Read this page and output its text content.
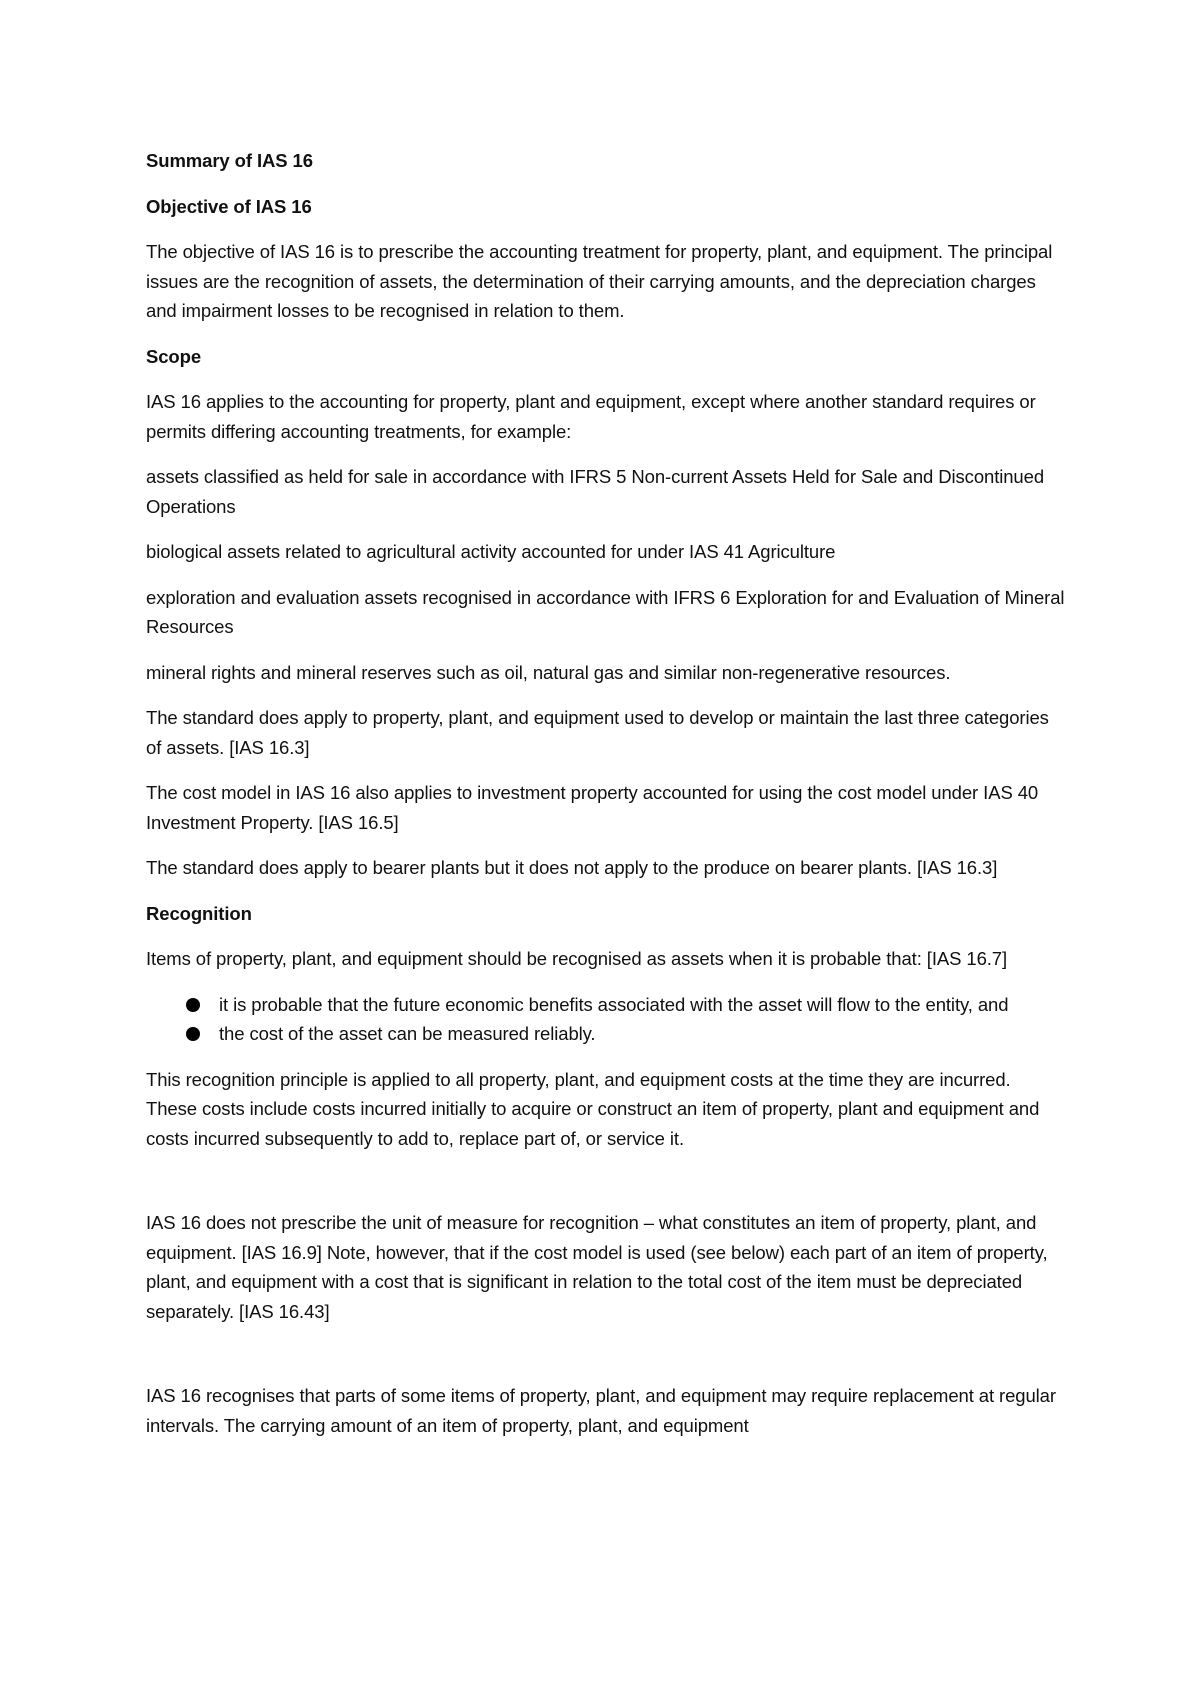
Summary of IAS 16
Objective of IAS 16

The objective of IAS 16 is to prescribe the accounting treatment for property, plant, and equipment. The principal issues are the recognition of assets, the determination of their carrying amounts, and the depreciation charges and impairment losses to be recognised in relation to them.

Scope

IAS 16 applies to the accounting for property, plant and equipment, except where another standard requires or permits differing accounting treatments, for example:

assets classified as held for sale in accordance with IFRS 5 Non-current Assets Held for Sale and Discontinued Operations

biological assets related to agricultural activity accounted for under IAS 41 Agriculture

exploration and evaluation assets recognised in accordance with IFRS 6 Exploration for and Evaluation of Mineral Resources

mineral rights and mineral reserves such as oil, natural gas and similar non-regenerative resources.

The standard does apply to property, plant, and equipment used to develop or maintain the last three categories of assets. [IAS 16.3]

The cost model in IAS 16 also applies to investment property accounted for using the cost model under IAS 40 Investment Property. [IAS 16.5]

The standard does apply to bearer plants but it does not apply to the produce on bearer plants. [IAS 16.3]

Recognition

Items of property, plant, and equipment should be recognised as assets when it is probable that: [IAS 16.7]

it is probable that the future economic benefits associated with the asset will flow to the entity, and
the cost of the asset can be measured reliably.

This recognition principle is applied to all property, plant, and equipment costs at the time they are incurred. These costs include costs incurred initially to acquire or construct an item of property, plant and equipment and costs incurred subsequently to add to, replace part of, or service it.

IAS 16 does not prescribe the unit of measure for recognition – what constitutes an item of property, plant, and equipment. [IAS 16.9] Note, however, that if the cost model is used (see below) each part of an item of property, plant, and equipment with a cost that is significant in relation to the total cost of the item must be depreciated separately. [IAS 16.43]

IAS 16 recognises that parts of some items of property, plant, and equipment may require replacement at regular intervals. The carrying amount of an item of property, plant, and equipment
